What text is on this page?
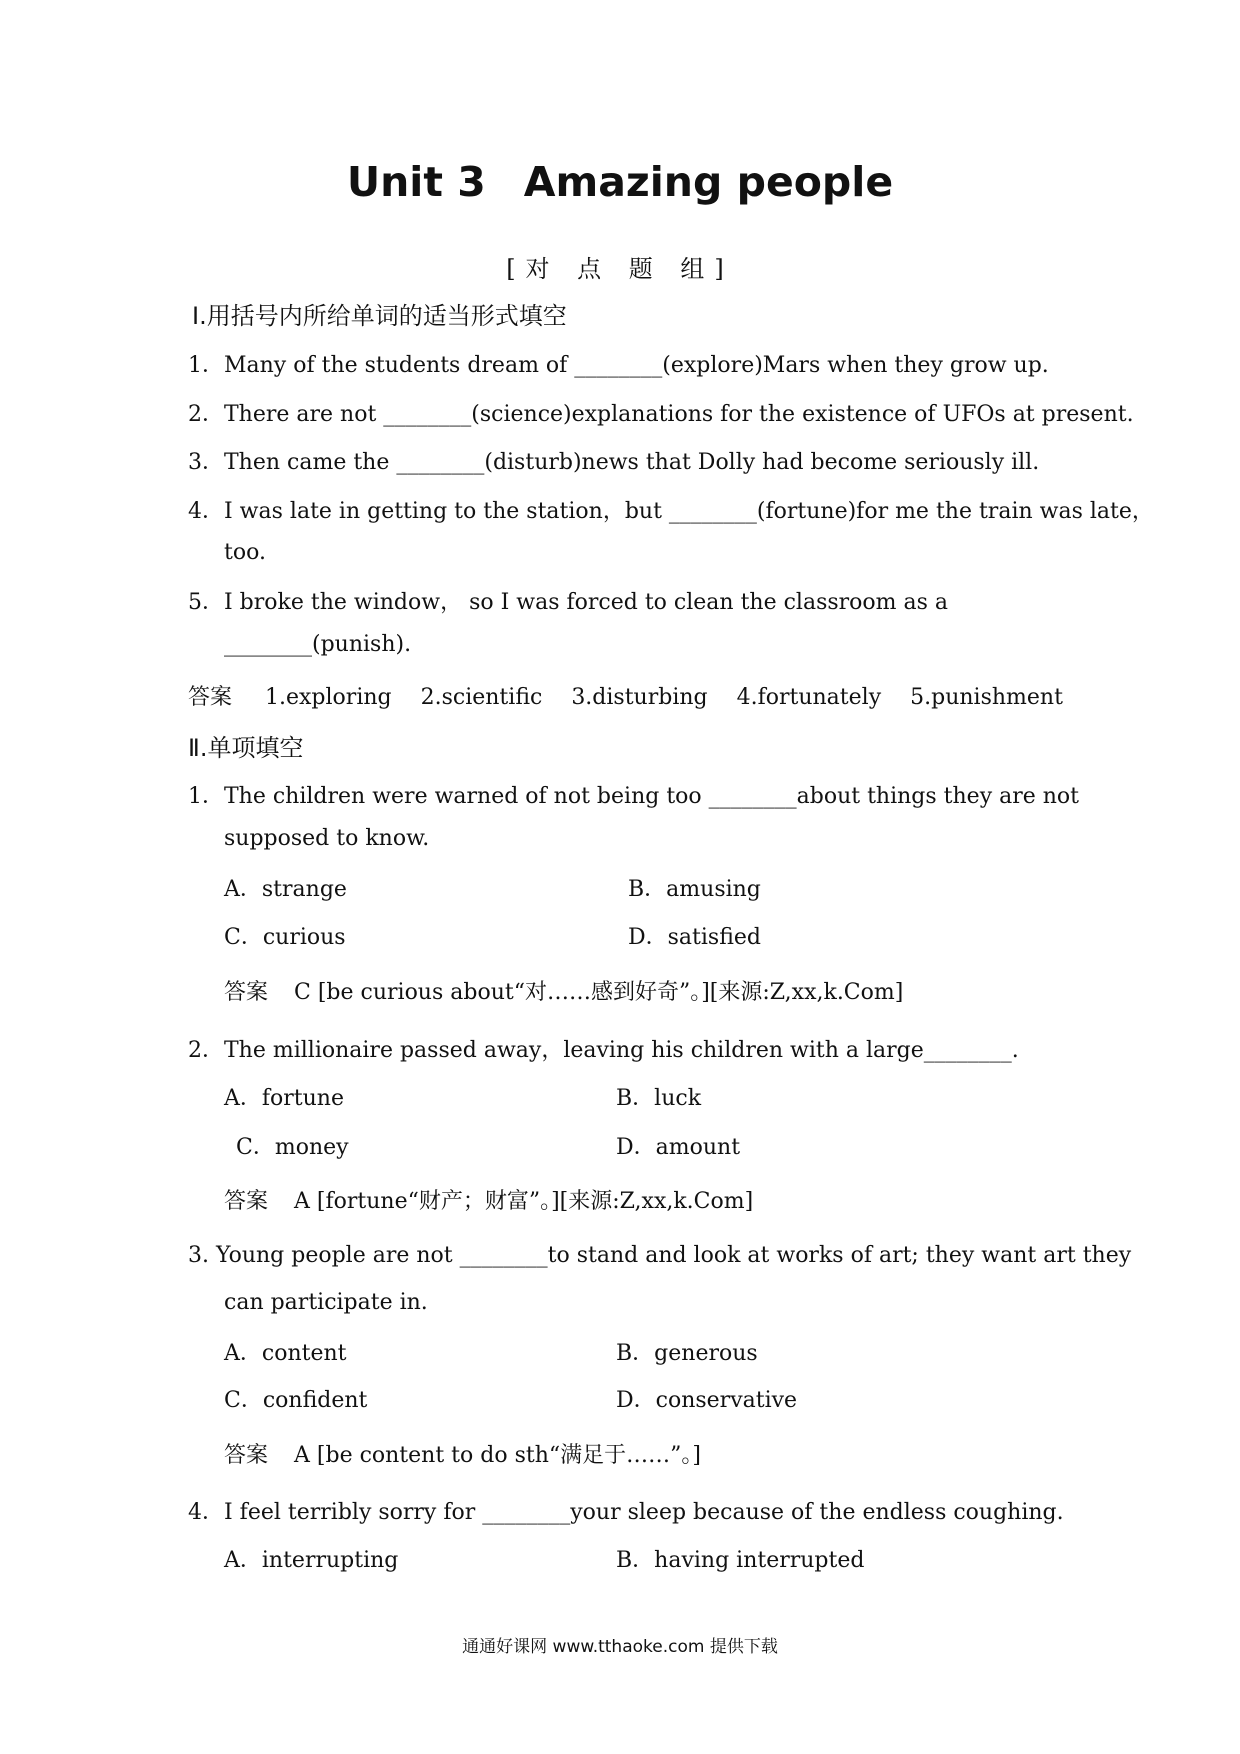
Unit 3 Amazing people
[对 点 题 组]
Ⅰ.用括号内所给单词的适当形式填空
1．Many of the students dream of ________(explore)Mars when they grow up.
2．There are not ________(science)explanations for the existence of UFOs at present.
3．Then came the ________(disturb)news that Dolly had become seriously ill.
4．I was late in getting to the station，but ________(fortune)for me the train was late，
too.
5．I broke the window， so I was forced to clean the classroom as a
________(punish).
答案 1.exploring 2.scientific 3.disturbing 4.fortunately 5.punishment
Ⅱ.单项填空
1．The children were warned of not being too ________about things they are not
supposed to know.
A．strange	B．amusing
C．curious	D．satisfied
答案 C [be curious about“对……感到好奇”。][来源:Z,xx,k.Com]
2．The millionaire passed away，leaving his children with a large________.
A．fortune	B．luck
C．money	D．amount
答案 A [fortune“财产；财富”。][来源:Z,xx,k.Com]
3. Young people are not ________to stand and look at works of art; they want art they
can participate in.
A．content	B．generous
C．confident	D．conservative
答案 A [be content to do sth“满足于……”。]
4．I feel terribly sorry for ________your sleep because of the endless coughing.
A．interrupting	B．having interrupted
通通好课网 www.tthaoke.com 提供下载
